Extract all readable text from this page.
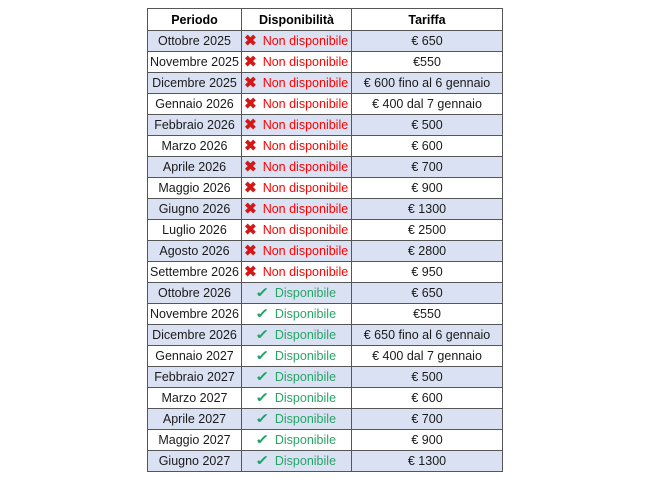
Periodo	Disponibilità	Tariffa
Ottobre 2025	✖ Non disponibile	€ 650
Novembre 2025	✖ Non disponibile	€550
Dicembre 2025	✖ Non disponibile	€ 600 fino al 6 gennaio
Gennaio 2026	✖ Non disponibile	€ 400 dal 7 gennaio
Febbraio 2026	✖ Non disponibile	€ 500
Marzo 2026	✖ Non disponibile	€ 600
Aprile 2026	✖ Non disponibile	€ 700
Maggio 2026	✖ Non disponibile	€ 900
Giugno 2026	✖ Non disponibile	€ 1300
Luglio 2026	✖ Non disponibile	€ 2500
Agosto 2026	✖ Non disponibile	€ 2800
Settembre 2026	✖ Non disponibile	€ 950
Ottobre 2026	✓ Disponibile	€ 650
Novembre 2026	✓ Disponibile	€550
Dicembre 2026	✓ Disponibile	€ 650 fino al 6 gennaio
Gennaio 2027	✓ Disponibile	€ 400 dal 7 gennaio
Febbraio 2027	✓ Disponibile	€ 500
Marzo 2027	✓ Disponibile	€ 600
Aprile 2027	✓ Disponibile	€ 700
Maggio 2027	✓ Disponibile	€ 900
Giugno 2027	✓ Disponibile	€ 1300
